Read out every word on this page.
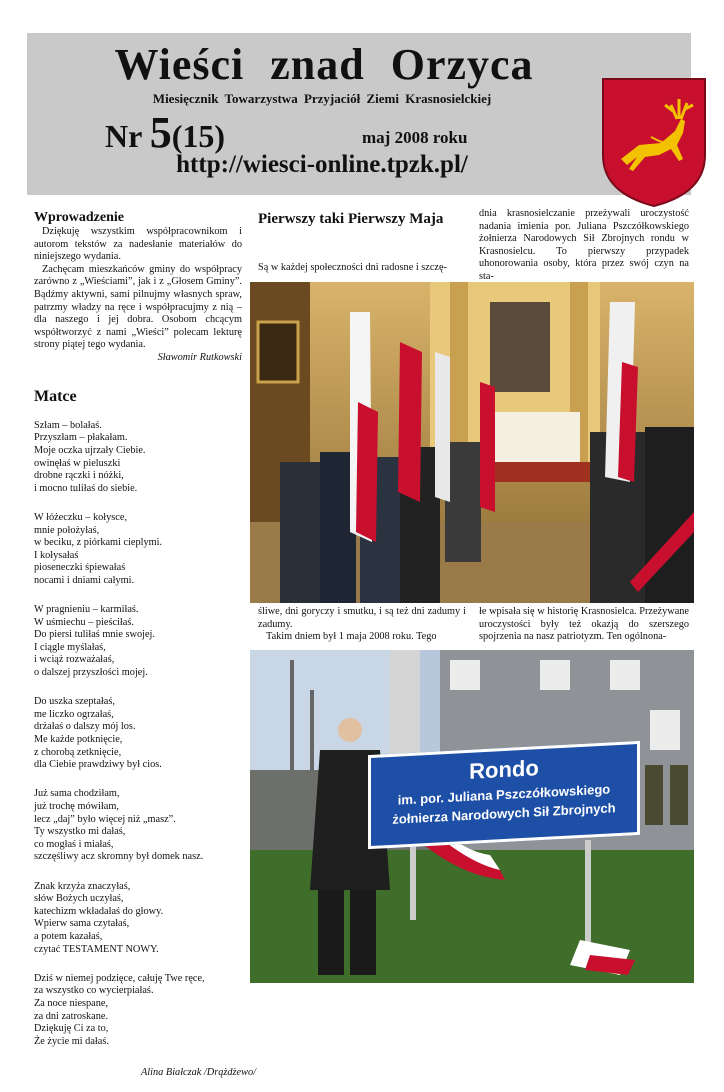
Wieści znad Orzyca
Miesięcznik Towarzystwa Przyjaciół Ziemi Krasnosielckiej
Nr 5(15)	maj 2008 roku
http://wiesci-online.tpzk.pl/
Wprowadzenie

Dziękuję wszystkim współpracownikom i autorom tekstów za nadesłanie materiałów do niniejszego wydania.

Zachęcam mieszkańców gminy do współpracy zarówno z „Wieściami”, jak i z „Głosem Gminy”. Bądźmy aktywni, sami pilnujmy własnych spraw, patrzmy władzy na ręce i współpracujmy z nią – dla naszego i jej dobra. Osobom chcącym współtworzyć z nami „Wieści” polecam lekturę strony piątej tego wydania.

Sławomir Rutkowski

Matce

Szłam – bolałaś.
Przyszłam – płakałam.
Moje oczka ujrzały Ciebie.
owinęłaś w pieluszki
drobne rączki i nóżki,
i mocno tuliłaś do siebie.

W łóżeczku – kołysce,
mnie położyłaś,
w beciku, z piórkami cieplymi.
I kołysałaś
pioseneczki śpiewałaś
nocami i dniami całymi.

W pragnieniu – karmiłaś.
W uśmiechu – pieściłaś.
Do piersi tuliłaś mnie swojej.
I ciągle myślałaś,
i wciąż rozważałaś,
o dalszej przyszłości mojej.

Do uszka szeptałaś,
me liczko ogrzałaś,
drżałaś o dalszy mój los.
Me każde potknięcie,
z chorobą zetknięcie,
dla Ciebie prawdziwy był cios.

Już sama chodziłam,
już trochę mówiłam,
lecz „daj” było więcej niż „masz”.
Ty wszystko mi dałaś,
co mogłaś i miałaś,
szczęśliwy acz skromny był domek nasz.

Znak krzyża znaczyłaś,
słów Bożych uczyłaś,
katechizm wkładałaś do głowy.
Wpierw sama czytałaś,
a potem kazałaś,
czytać TESTAMENT NOWY.

Dziś w niemej podzięce, całuję Twe ręce,
za wszystko co wycierpiałaś.
Za noce niespane,
za dni zatroskane.
Dziękuję Ci za to,
Że życie mi dałaś.

Alina Białczak /Drążdżewo/

Pierwszy taki Pierwszy Maja
Są w każdej społeczności dni radosne i szczę-
dnia krasnosielczanie przeżywali uroczystość nadania imienia por. Juliana Pszczółkowskiego żołnierza Narodowych Sił Zbrojnych rondu w Krasnosielcu. To pierwszy przypadek uhonorowania osoby, która przez swój czyn na sta-

śliwe, dni goryczy i smutku, i są też dni zadumy i zadumy.

Takim dniem był 1 maja 2008 roku. Tego

łe wpisała się w historię Krasnosielca. Przeżywane uroczystości były też okazją do szerszego spojrzenia na nasz patriotyzm. Ten ogólnona-
Rondo
im. por. Juliana Pszczółkowskiego
żołnierza Narodowych Sił Zbrojnych
